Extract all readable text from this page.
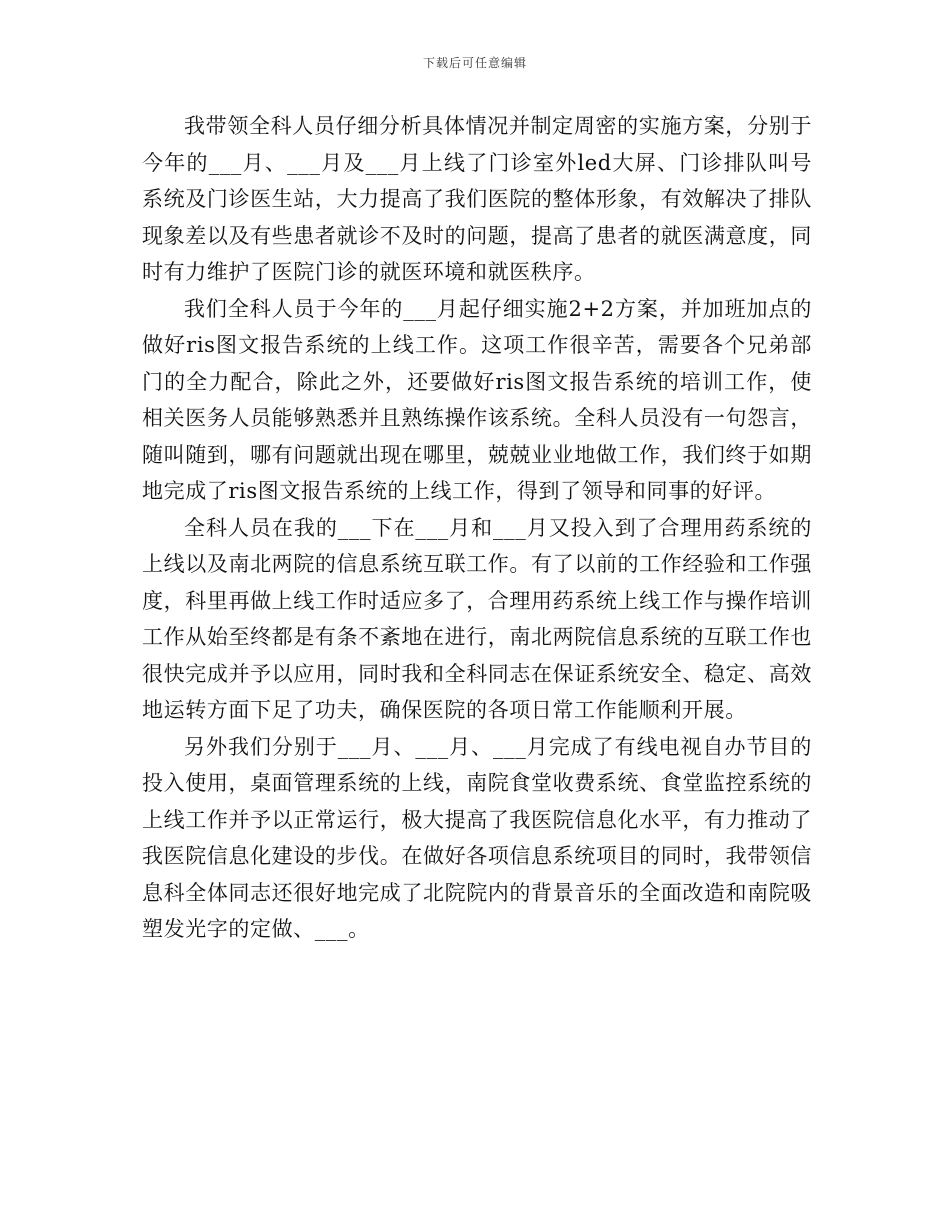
下载后可任意编辑

我带领全科人员仔细分析具体情况并制定周密的实施方案，分别于今年的___月、___月及___月上线了门诊室外led大屏、门诊排队叫号系统及门诊医生站，大力提高了我们医院的整体形象，有效解决了排队现象差以及有些患者就诊不及时的问题，提高了患者的就医满意度，同时有力维护了医院门诊的就医环境和就医秩序。

我们全科人员于今年的___月起仔细实施2+2方案，并加班加点的做好ris图文报告系统的上线工作。这项工作很辛苦，需要各个兄弟部门的全力配合，除此之外，还要做好ris图文报告系统的培训工作，使相关医务人员能够熟悉并且熟练操作该系统。全科人员没有一句怨言，随叫随到，哪有问题就出现在哪里，兢兢业业地做工作，我们终于如期地完成了ris图文报告系统的上线工作，得到了领导和同事的好评。

全科人员在我的___下在___月和___月又投入到了合理用药系统的上线以及南北两院的信息系统互联工作。有了以前的工作经验和工作强度，科里再做上线工作时适应多了，合理用药系统上线工作与操作培训工作从始至终都是有条不紊地在进行，南北两院信息系统的互联工作也很快完成并予以应用，同时我和全科同志在保证系统安全、稳定、高效地运转方面下足了功夫，确保医院的各项日常工作能顺利开展。

另外我们分别于___月、___月、___月完成了有线电视自办节目的投入使用，桌面管理系统的上线，南院食堂收费系统、食堂监控系统的上线工作并予以正常运行，极大提高了我医院信息化水平，有力推动了我医院信息化建设的步伐。在做好各项信息系统项目的同时，我带领信息科全体同志还很好地完成了北院院内的背景音乐的全面改造和南院吸塑发光字的定做、___。
